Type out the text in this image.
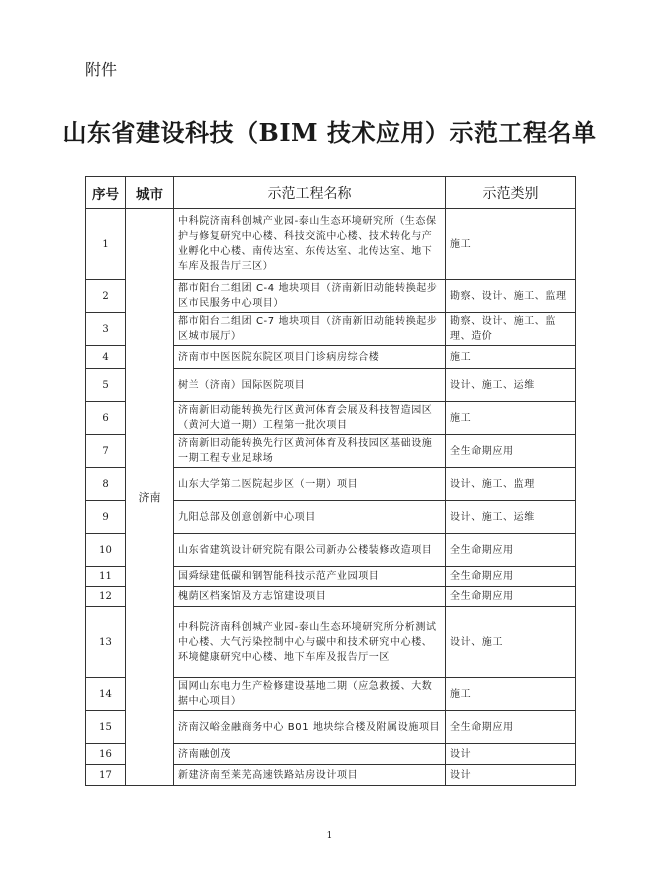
附件
山东省建设科技（BIM 技术应用）示范工程名单
序号	城市	示范工程名称	示范类别
1	济南	中科院济南科创城产业园-泰山生态环境研究所（生态保护与修复研究中心楼、科技交流中心楼、技术转化与产业孵化中心楼、南传达室、东传达室、北传达室、地下车库及报告厅三区）	施工
2		都市阳台二组团 C-4 地块项目（济南新旧动能转换起步区市民服务中心项目）	勘察、设计、施工、监理
3		都市阳台二组团 C-7 地块项目（济南新旧动能转换起步区城市展厅）	勘察、设计、施工、监理、造价
4		济南市中医医院东院区项目门诊病房综合楼	施工
5		树兰（济南）国际医院项目	设计、施工、运维
6		济南新旧动能转换先行区黄河体育会展及科技智造园区（黄河大道一期）工程第一批次项目	施工
7		济南新旧动能转换先行区黄河体育及科技园区基础设施一期工程专业足球场	全生命期应用
8		山东大学第二医院起步区（一期）项目	设计、施工、监理
9		九阳总部及创意创新中心项目	设计、施工、运维
10		山东省建筑设计研究院有限公司新办公楼装修改造项目	全生命期应用
11		国舜绿建低碳和钢智能科技示范产业园项目	全生命期应用
12		槐荫区档案馆及方志馆建设项目	全生命期应用
13		中科院济南科创城产业园-泰山生态环境研究所分析测试中心楼、大气污染控制中心与碳中和技术研究中心楼、环境健康研究中心楼、地下车库及报告厅一区	设计、施工
14		国网山东电力生产检修建设基地二期（应急救援、大数据中心项目）	施工
15		济南汉峪金融商务中心 B01 地块综合楼及附属设施项目	全生命期应用
16		济南融创茂	设计
17		新建济南至莱芜高速铁路站房设计项目	设计
1
